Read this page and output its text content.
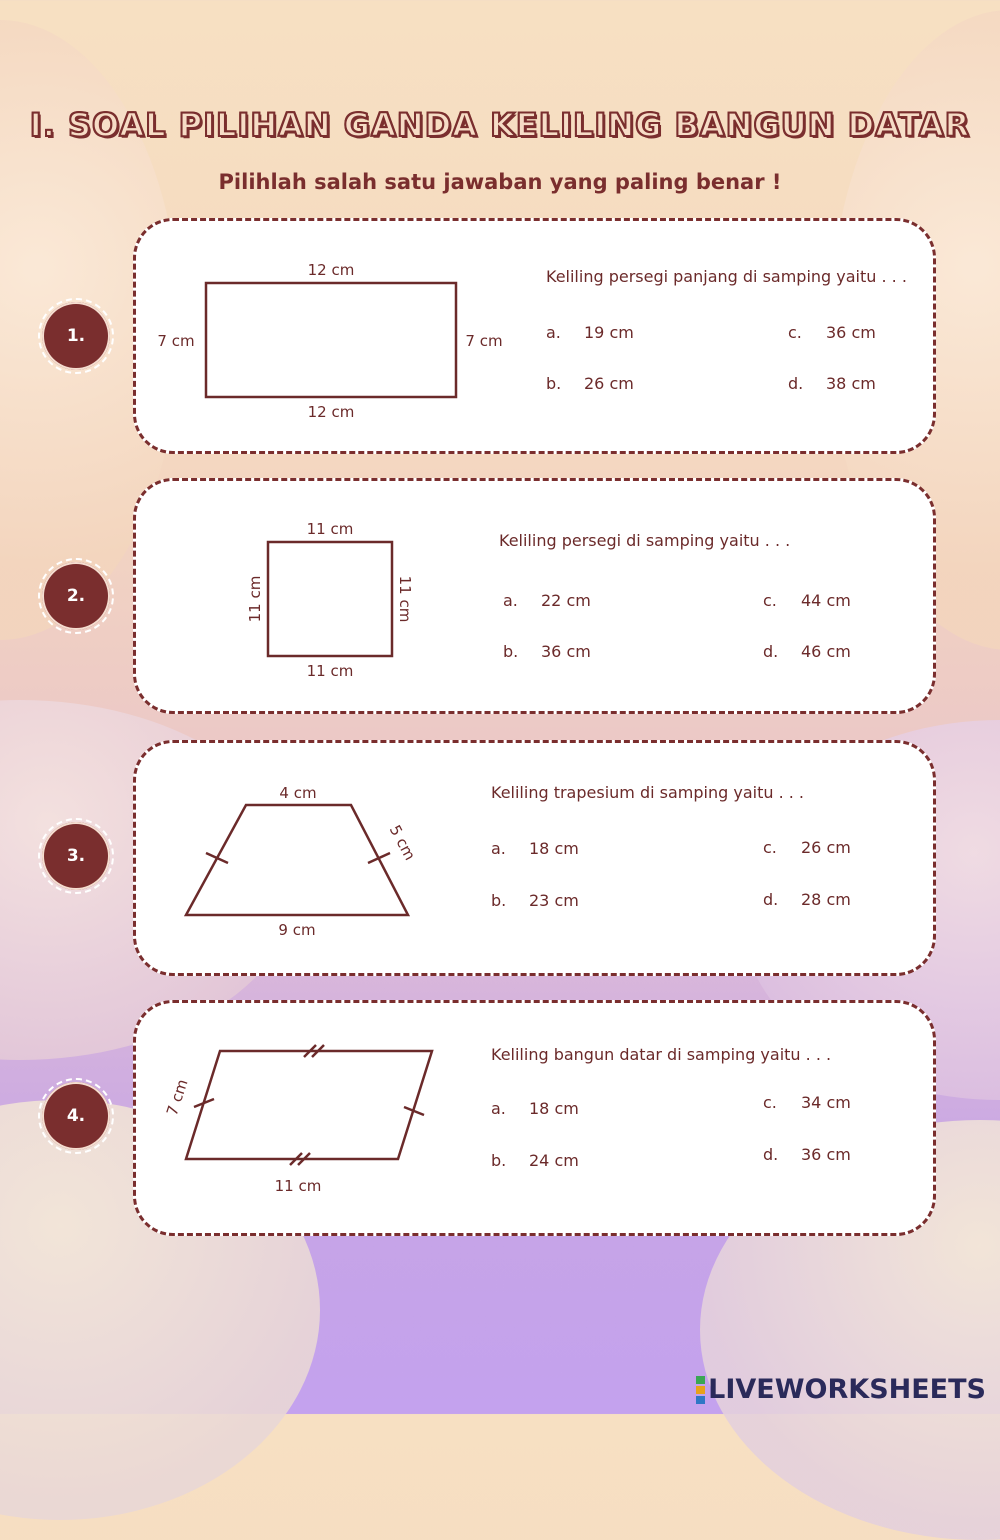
I. SOAL PILIHAN GANDA KELILING BANGUN DATAR
Pilihlah salah satu jawaban yang paling benar !
1.
12 cm
12 cm
7 cm	7 cm
Keliling persegi panjang di samping yaitu . . .
a. 19 cm
b. 26 cm
c. 36 cm
d. 38 cm
2.
11 cm
11 cm
11 cm	11 cm
Keliling persegi di samping yaitu . . .
a. 22 cm
b. 36 cm
c. 44 cm
d. 46 cm
3.
4 cm
9 cm
5 cm
Keliling trapesium di samping yaitu . . .
a. 18 cm
b. 23 cm
c. 26 cm
d. 28 cm
4.	7 cm
11 cm
Keliling bangun datar di samping yaitu . . .
a. 18 cm
b. 24 cm
c. 34 cm
d. 36 cm
LIVEWORKSHEETS
